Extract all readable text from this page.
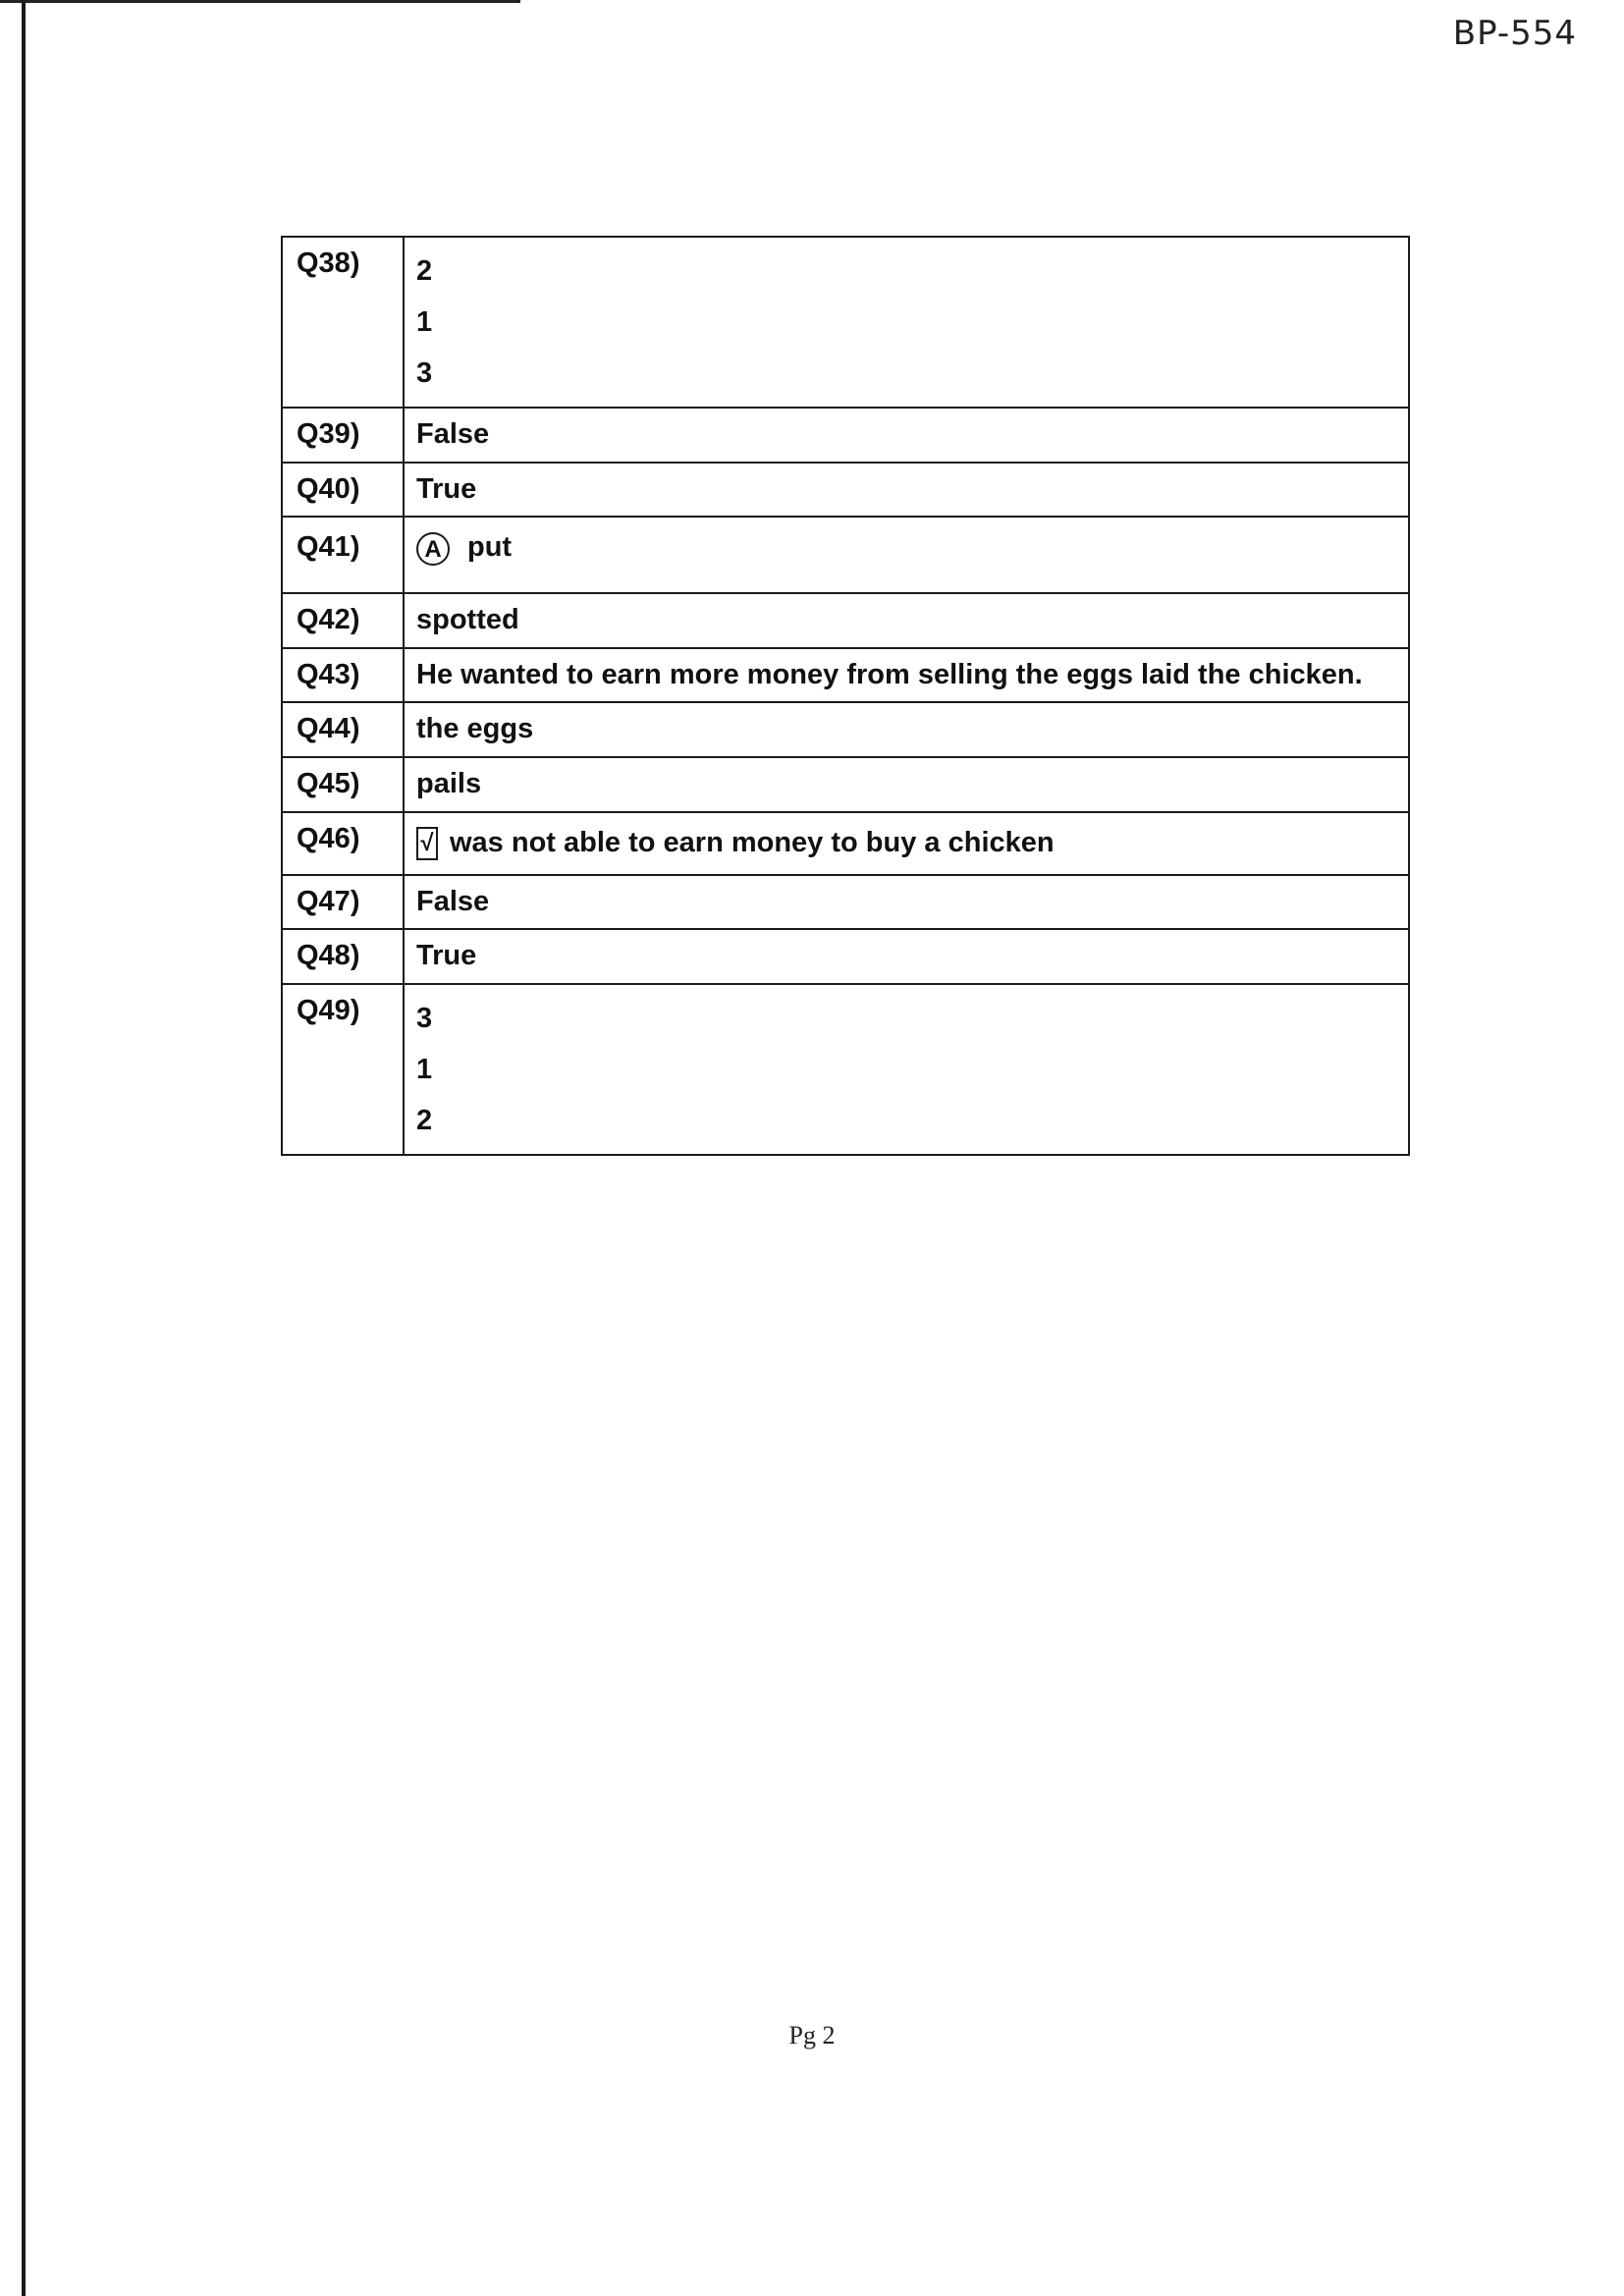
BP-554
Q38)	2
1
3

Q39)	False
Q40)	True
Q41)	A put
Q42)	spotted
Q43)	He wanted to earn more money from selling the eggs laid the chicken.
Q44)	the eggs
Q45)	pails
Q46)	√ was not able to earn money to buy a chicken
Q47)	False
Q48)	True
Q49)	3
1
2
Pg 2
